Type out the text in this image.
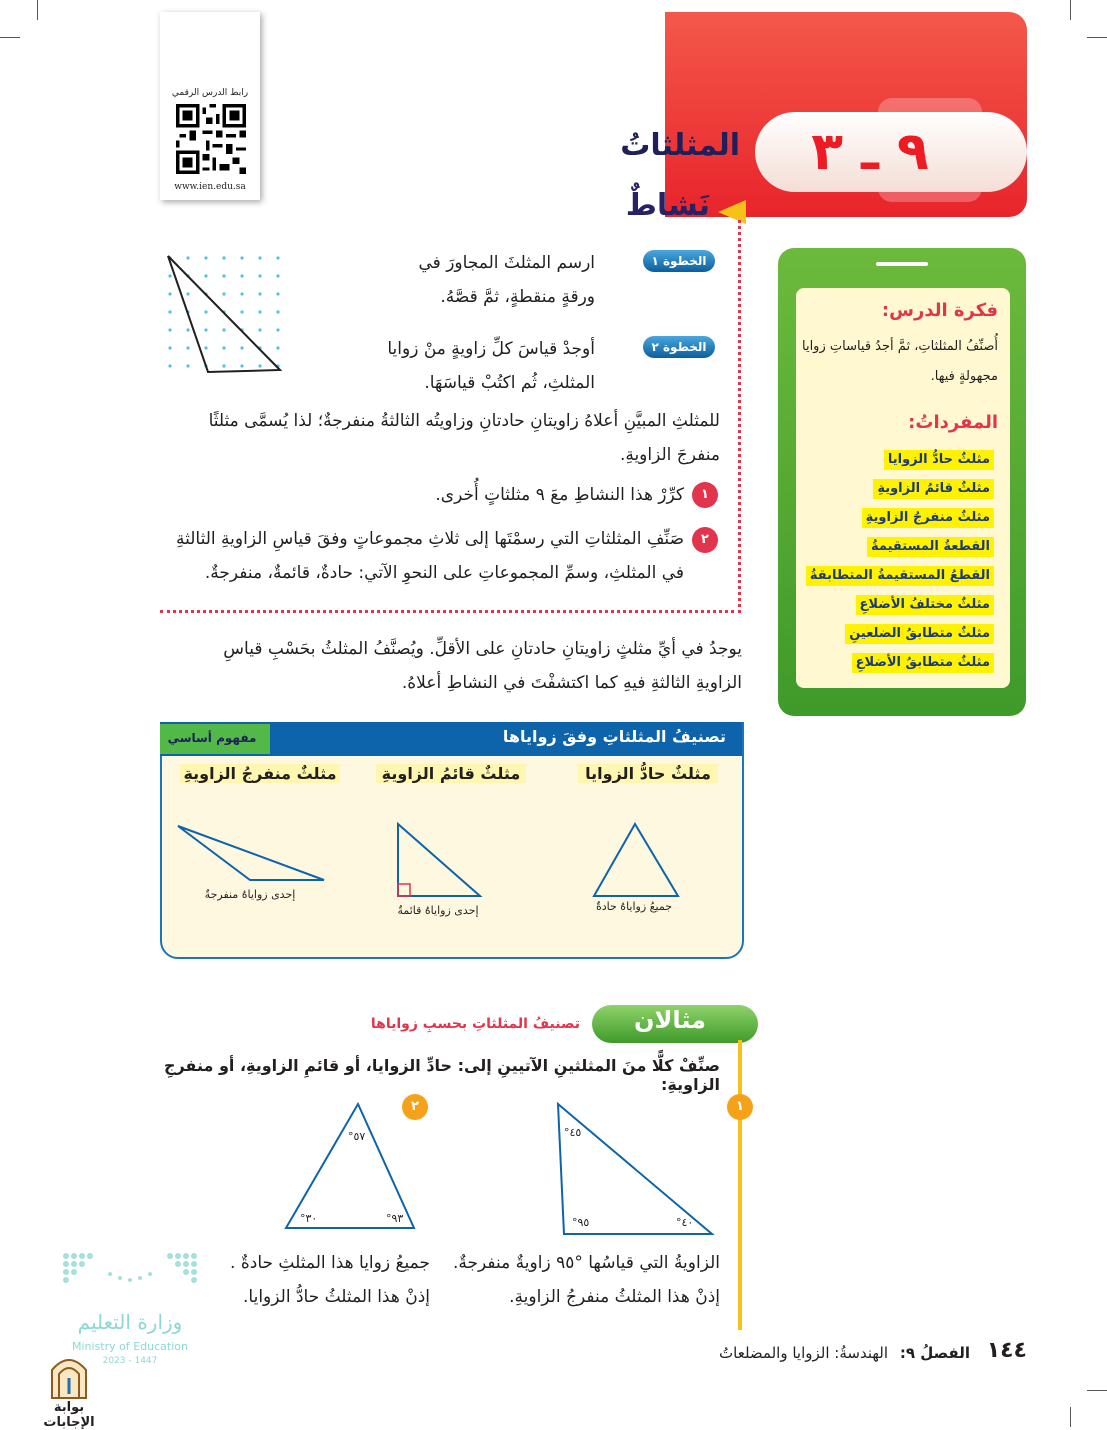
رابط الدرس الرقمي
www.ien.edu.sa
٩ ـ ٣
المثلثاتُ
نَشاطٌ
الخطوة ١
ارسم المثلثَ المجاورَ في ورقةٍ منقطةٍ، ثمَّ قصَّهُ.
الخطوة ٢
أوجدْ قياسَ كلِّ زاويةٍ منْ زوايا المثلثِ، ثُم اكتُبْ قياسَهَا.
للمثلثِ المبيَّنِ أعلاهُ زاويتانِ حادتانِ وزاويتُه الثالثةُ منفرجةٌ؛ لذا يُسمَّى مثلثًا منفرجَ الزاويةِ.
١
كرِّرْ هذا النشاطِ معَ ٩ مثلثاتٍ أُخرى.
٢
صَنِّفِ المثلثاتِ التي رسمْتَها إلى ثلاثِ مجموعاتٍ وفقَ قياسِ الزاويةِ الثالثةِ في المثلثِ، وسمِّ المجموعاتِ على النحوِ الآتي: حادةٌ، قائمةٌ، منفرجةٌ.
يوجدُ في أيِّ مثلثٍ زاويتانِ حادتانِ على الأقلِّ. ويُصنَّفُ المثلثُ بحَسْبِ قياسِ الزاويةِ الثالثةِ فيهِ كما اكتشفْتَ في النشاطِ أعلاهُ.
فكرة الدرس:
أُصنِّفُ المثلثاتِ، ثمَّ أجدُ قياساتِ زوايا مجهولةٍ فيها.
المفرداتُ:
مثلثٌ حادُّ الزوايا
مثلثٌ قائمُ الزاويةِ
مثلثٌ منفرجُ الزاويةِ
القطعةُ المستقيمةُ
القطعُ المستقيمةُ المتطابقةُ
مثلثٌ مختلفُ الأضلاعِ
مثلثٌ متطابقُ الضلعينِ
مثلثٌ متطابقُ الأضلاعِ
تصنيفُ المثلثاتِ وفقَ زواياها
مفهوم أساسي
مثلثٌ حادُّ الزوايا
مثلثٌ قائمُ الزاويةِ
مثلثٌ منفرجُ الزاويةِ
جميعُ زواياهُ حادةٌ
إحدى زواياهُ قائمةٌ
إحدى زواياهُ منفرجةٌ
مثالان
تصنيفُ المثلثاتِ بحسبِ زواياها
صنِّفْ كلًّا منَ المثلثينِ الآتيينِ إلى: حادِّ الزوايا، أو قائمِ الزاويةِ، أو منفرجِ الزاويةِ:
١
°٤٥
°٩٥	°٤٠
الزاويةُ التي قياسُها °٩٥ زاويةٌ منفرجةٌ.
إذنْ هذا المثلثُ منفرجُ الزاويةِ.
٢
°٥٧
°٣٠	°٩٣
جميعُ زوايا هذا المثلثِ حادةٌ .
إذنْ هذا المثلثُ حادُّ الزوايا.
وزارة التعليم
Ministry of Education
2023 - 1447
بوابة الإجابات
١٤٤
الفصلُ ٩:
الهندسةُ: الزوايا والمضلعاتُ
